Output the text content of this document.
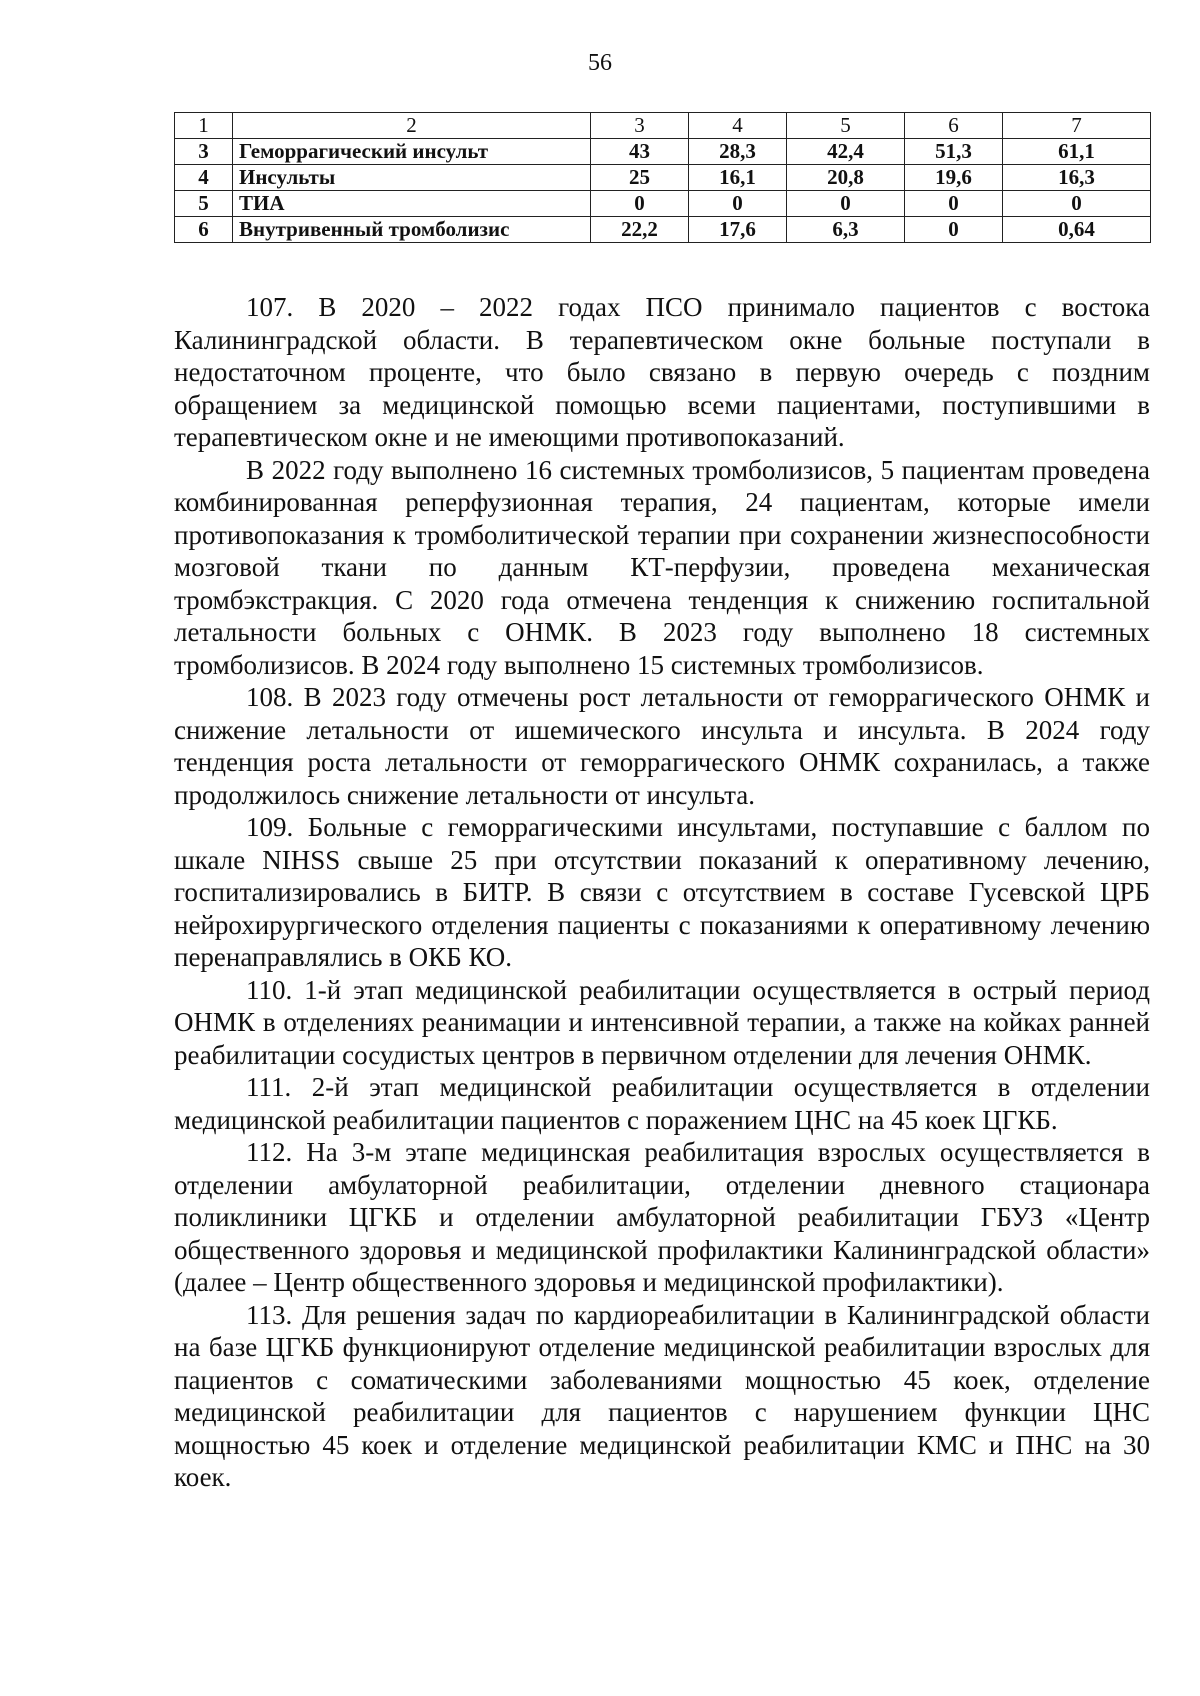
56
1	2	3	4	5	6	7
3	Геморрагический инсульт	43	28,3	42,4	51,3	61,1
4	Инсульты	25	16,1	20,8	19,6	16,3
5	ТИА	0	0	0	0	0
6	Внутривенный тромболизис	22,2	17,6	6,3	0	0,64

107. В 2020 – 2022 годах ПСО принимало пациентов с востока Калининградской области. В терапевтическом окне больные поступали в недостаточном проценте, что было связано в первую очередь с поздним обращением за медицинской помощью всеми пациентами, поступившими в терапевтическом окне и не имеющими противопоказаний.

В 2022 году выполнено 16 системных тромболизисов, 5 пациентам проведена комбинированная реперфузионная терапия, 24 пациентам, которые имели противопоказания к тромболитической терапии при сохранении жизнеспособности мозговой ткани по данным КТ-перфузии, проведена механическая тромбэкстракция. С 2020 года отмечена тенденция к снижению госпитальной летальности больных с ОНМК. В 2023 году выполнено 18 системных тромболизисов. В 2024 году выполнено 15 системных тромболизисов.

108. В 2023 году отмечены рост летальности от геморрагического ОНМК и снижение летальности от ишемического инсульта и инсульта. В 2024 году тенденция роста летальности от геморрагического ОНМК сохранилась, а также продолжилось снижение летальности от инсульта.

109. Больные с геморрагическими инсультами, поступавшие с баллом по шкале NIHSS свыше 25 при отсутствии показаний к оперативному лечению, госпитализировались в БИТР. В связи с отсутствием в составе Гусевской ЦРБ нейрохирургического отделения пациенты с показаниями к оперативному лечению перенаправлялись в ОКБ КО.

110. 1-й этап медицинской реабилитации осуществляется в острый период ОНМК в отделениях реанимации и интенсивной терапии, а также на койках ранней реабилитации сосудистых центров в первичном отделении для лечения ОНМК.

111. 2-й этап медицинской реабилитации осуществляется в отделении медицинской реабилитации пациентов с поражением ЦНС на 45 коек ЦГКБ.

112. На 3-м этапе медицинская реабилитация взрослых осуществляется в отделении амбулаторной реабилитации, отделении дневного стационара поликлиники ЦГКБ и отделении амбулаторной реабилитации ГБУЗ «Центр общественного здоровья и медицинской профилактики Калининградской области» (далее – Центр общественного здоровья и медицинской профилактики).

113. Для решения задач по кардиореабилитации в Калининградской области на базе ЦГКБ функционируют отделение медицинской реабилитации взрослых для пациентов с соматическими заболеваниями мощностью 45 коек, отделение медицинской реабилитации для пациентов с нарушением функции ЦНС мощностью 45 коек и отделение медицинской реабилитации КМС и ПНС на 30 коек.
